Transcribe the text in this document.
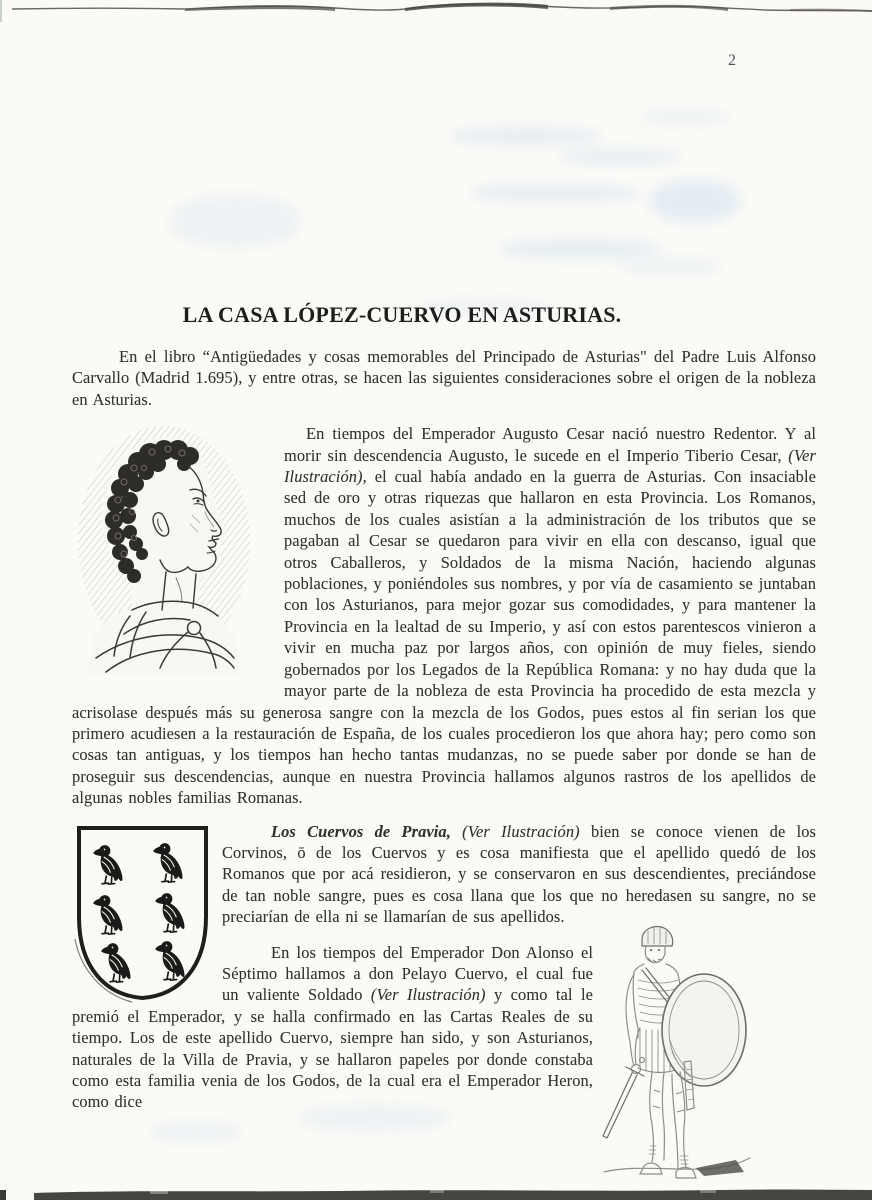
2
LA CASA LÓPEZ-CUERVO EN ASTURIAS.

En el libro “Antigüedades y cosas memorables del Principado de Asturias" del Padre Luis Alfonso Carvallo (Madrid 1.695), y entre otras, se hacen las siguientes consideraciones sobre el origen de la nobleza en Asturias.

En tiempos del Emperador Augusto Cesar nació nuestro Redentor. Y al morir sin descendencia Augusto, le sucede en el Imperio Tiberio Cesar, (Ver Ilustración), el cual había andado en la guerra de Asturias. Con insaciable sed de oro y otras riquezas que hallaron en esta Provincia. Los Romanos, muchos de los cuales asistían a la administración de los tributos que se pagaban al Cesar se quedaron para vivir en ella con descanso, igual que otros Caballeros, y Soldados de la misma Nación, haciendo algunas poblaciones, y poniéndoles sus nombres, y por vía de casamiento se juntaban con los Asturianos, para mejor gozar sus comodidades, y para mantener la Provincia en la lealtad de su Imperio, y así con estos parentescos vinieron a vivir en mucha paz por largos años, con opinión de muy fieles, siendo gobernados por los Legados de la República Romana: y no hay duda que la mayor parte de la nobleza de esta Provincia ha procedido de esta mezcla y acrisolase después más su generosa sangre con la mezcla de los Godos, pues estos al fin serian los que primero acudiesen a la restauración de España, de los cuales procedieron los que ahora hay; pero como son cosas tan antiguas, y los tiempos han hecho tantas mudanzas, no se puede saber por donde se han de proseguir sus descendencias, aunque en nuestra Provincia hallamos algunos rastros de los apellidos de algunas nobles familias Romanas.

Los Cuervos de Pravia, (Ver Ilustración) bien se conoce vienen de los Corvinos, ō de los Cuervos y es cosa manifiesta que el apellido quedó de los Romanos que por acá residieron, y se conservaron en sus descendientes, preciándose de tan noble sangre, pues es cosa llana que los que no heredasen su sangre, no se preciarían de ella ni se llamarían de sus apellidos.

En los tiempos del Emperador Don Alonso el Séptimo hallamos a don Pelayo Cuervo, el cual fue un valiente Soldado (Ver Ilustración) y como tal le premió el Emperador, y se halla confirmado en las Cartas Reales de su tiempo. Los de este apellido Cuervo, siempre han sido, y son Asturianos, naturales de la Villa de Pravia, y se hallaron papeles por donde constaba como esta familia venia de los Godos, de la cual era el Emperador Heron, como dice
